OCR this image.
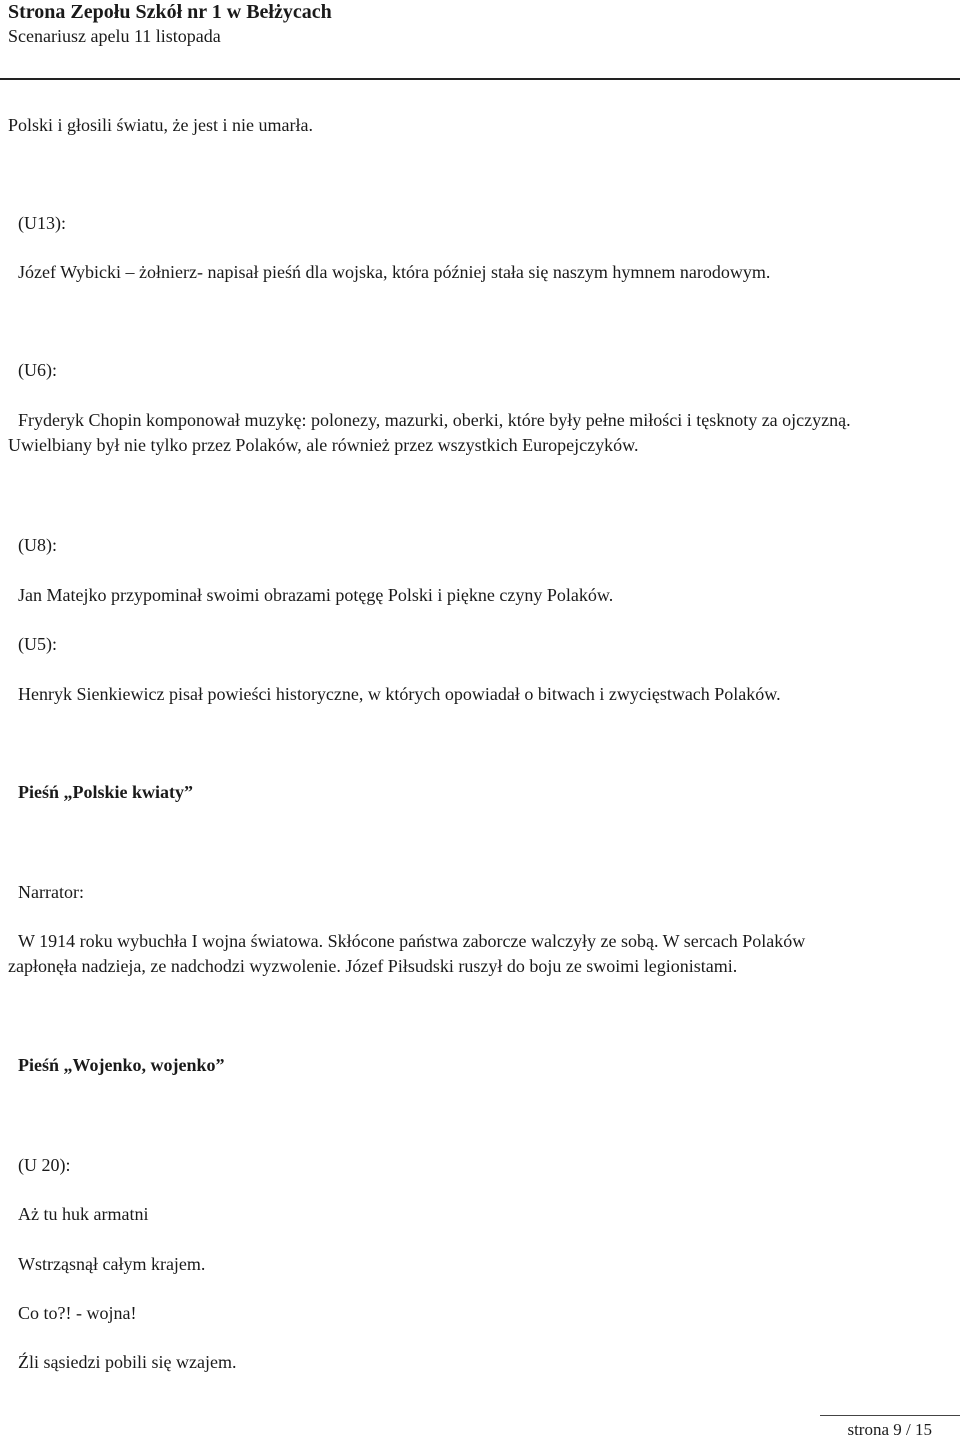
Strona Zepołu Szkół nr 1 w Bełżycach
Scenariusz apelu 11 listopada
Polski i głosili światu, że jest i nie umarła.
(U13):
Józef Wybicki – żołnierz- napisał pieśń dla wojska, która później stała się naszym hymnem narodowym.
(U6):
Fryderyk Chopin komponował muzykę: polonezy, mazurki, oberki, które były pełne miłości i tęsknoty za ojczyzną.
Uwielbiany był nie tylko przez Polaków, ale również przez wszystkich Europejczyków.
(U8):
Jan Matejko przypominał swoimi obrazami potęgę Polski i piękne czyny Polaków.
(U5):
Henryk Sienkiewicz pisał powieści historyczne, w których opowiadał o bitwach i zwycięstwach Polaków.
Pieśń „Polskie kwiaty”
Narrator:
W 1914 roku wybuchła I wojna światowa. Skłócone państwa zaborcze walczyły ze sobą. W sercach Polaków
zapłonęła nadzieja, ze nadchodzi wyzwolenie. Józef Piłsudski ruszył do boju ze swoimi legionistami.
Pieśń „Wojenko, wojenko”
(U 20):
Aż tu huk armatni
Wstrząsnął całym krajem.
Co to?! - wojna!
Źli sąsiedzi pobili się wzajem.
strona 9 / 15
